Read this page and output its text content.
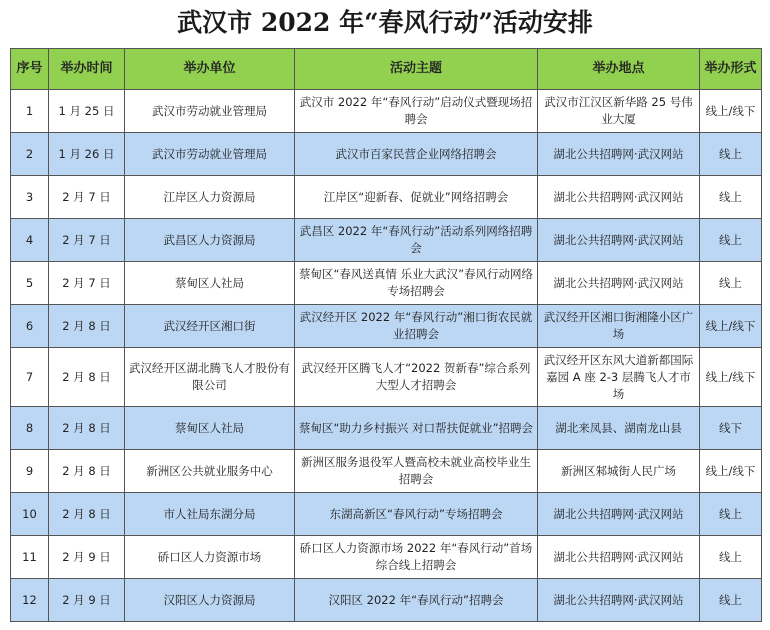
武汉市 2022 年“春风行动”活动安排
序号	举办时间	举办单位	活动主题	举办地点	举办形式
1	1 月 25 日	武汉市劳动就业管理局	武汉市 2022 年“春风行动”启动仪式暨现场招聘会	武汉市江汉区新华路 25 号伟业大厦	线上/线下
2	1 月 26 日	武汉市劳动就业管理局	武汉市百家民营企业网络招聘会	湖北公共招聘网·武汉网站	线上
3	2 月 7 日	江岸区人力资源局	江岸区“迎新春、促就业”网络招聘会	湖北公共招聘网·武汉网站	线上
4	2 月 7 日	武昌区人力资源局	武昌区 2022 年“春风行动”活动系列网络招聘会	湖北公共招聘网·武汉网站	线上
5	2 月 7 日	蔡甸区人社局	蔡甸区“春风送真情 乐业大武汉”春风行动网络专场招聘会	湖北公共招聘网·武汉网站	线上
6	2 月 8 日	武汉经开区湘口街	武汉经开区 2022 年“春风行动”湘口街农民就业招聘会	武汉经开区湘口街湘隆小区广场	线上/线下
7	2 月 8 日	武汉经开区湖北腾飞人才股份有限公司	武汉经开区腾飞人才“2022 贺新春”综合系列大型人才招聘会	武汉经开区东风大道新都国际嘉园 A 座 2-3 层腾飞人才市场	线上/线下
8	2 月 8 日	蔡甸区人社局	蔡甸区“助力乡村振兴 对口帮扶促就业”招聘会	湖北来凤县、湖南龙山县	线下
9	2 月 8 日	新洲区公共就业服务中心	新洲区服务退役军人暨高校未就业高校毕业生招聘会	新洲区邾城街人民广场	线上/线下
10	2 月 8 日	市人社局东湖分局	东湖高新区“春风行动”专场招聘会	湖北公共招聘网·武汉网站	线上
11	2 月 9 日	硚口区人力资源市场	硚口区人力资源市场 2022 年“春风行动”首场综合线上招聘会	湖北公共招聘网·武汉网站	线上
12	2 月 9 日	汉阳区人力资源局	汉阳区 2022 年“春风行动”招聘会	湖北公共招聘网·武汉网站	线上
